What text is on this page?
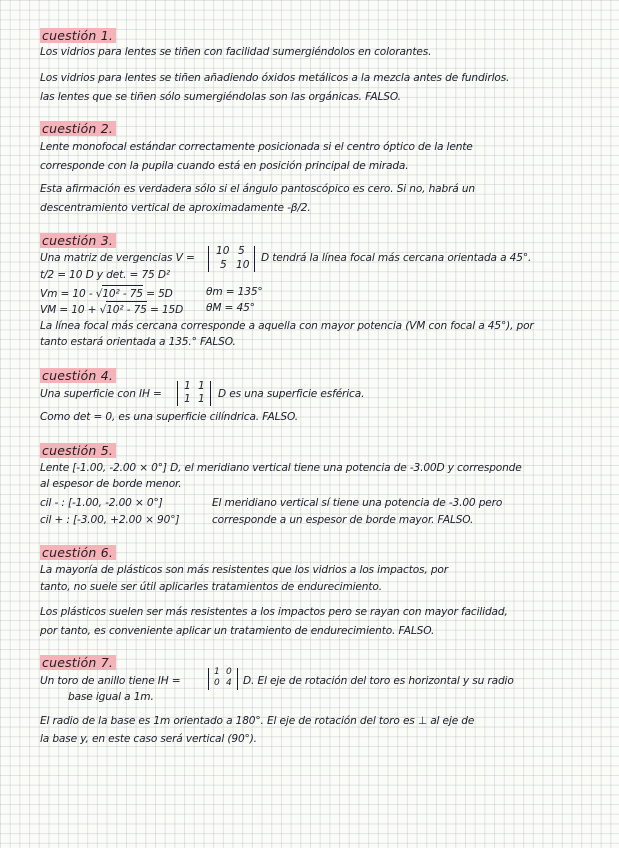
cuestión 1.
Los vidrios para lentes se tiñen con facilidad sumergiéndolos en colorantes.
Los vidrios para lentes se tiñen añadiendo óxidos metálicos a la mezcla antes de fundirlos.
las lentes que se tiñen sólo sumergiéndolas son las orgánicas. FALSO.
cuestión 2.
Lente monofocal estándar correctamente posicionada si el centro óptico de la lente
corresponde con la pupila cuando está en posición principal de mirada.
Esta afirmación es verdadera sólo si el ángulo pantoscópico es cero. Si no, habrá un
descentramiento vertical de aproximadamente -β/2.
cuestión 3.
Una matriz de vergencias V =
10 5
5 10
D tendrá la línea focal más cercana orientada a 45°.
t/2 = 10 D y det. = 75 D²
Vm = 10 - √10² - 75 = 5D	θm = 135°
VM = 10 + √10² - 75 = 15D θM = 45°
La línea focal más cercana corresponde a aquella con mayor potencia (VM con focal a 45°), por
tanto estará orientada a 135.° FALSO.
cuestión 4.
Una superficie con IH =
1 1
1 1 D es una superficie esférica.
Como det = 0, es una superficie cilíndrica. FALSO.
cuestión 5.
Lente [-1.00, -2.00 × 0°] D, el meridiano vertical tiene una potencia de -3.00D y corresponde
al espesor de borde menor.
cil - : [-1.00, -2.00 × 0°]	El meridiano vertical sí tiene una potencia de -3.00 pero
cil + : [-3.00, +2.00 × 90°]	corresponde a un espesor de borde mayor. FALSO.
cuestión 6.
La mayoría de plásticos son más resistentes que los vidrios a los impactos, por
tanto, no suele ser útil aplicarles tratamientos de endurecimiento.
Los plásticos suelen ser más resistentes a los impactos pero se rayan con mayor facilidad,
por tanto, es conveniente aplicar un tratamiento de endurecimiento. FALSO.
cuestión 7.
Un toro de anillo tiene IH =
1 0
0 4 D. El eje de rotación del toro es horizontal y su radio
base igual a 1m.
El radio de la base es 1m orientado a 180°. El eje de rotación del toro es ⊥ al eje de
la base y, en este caso será vertical (90°).
